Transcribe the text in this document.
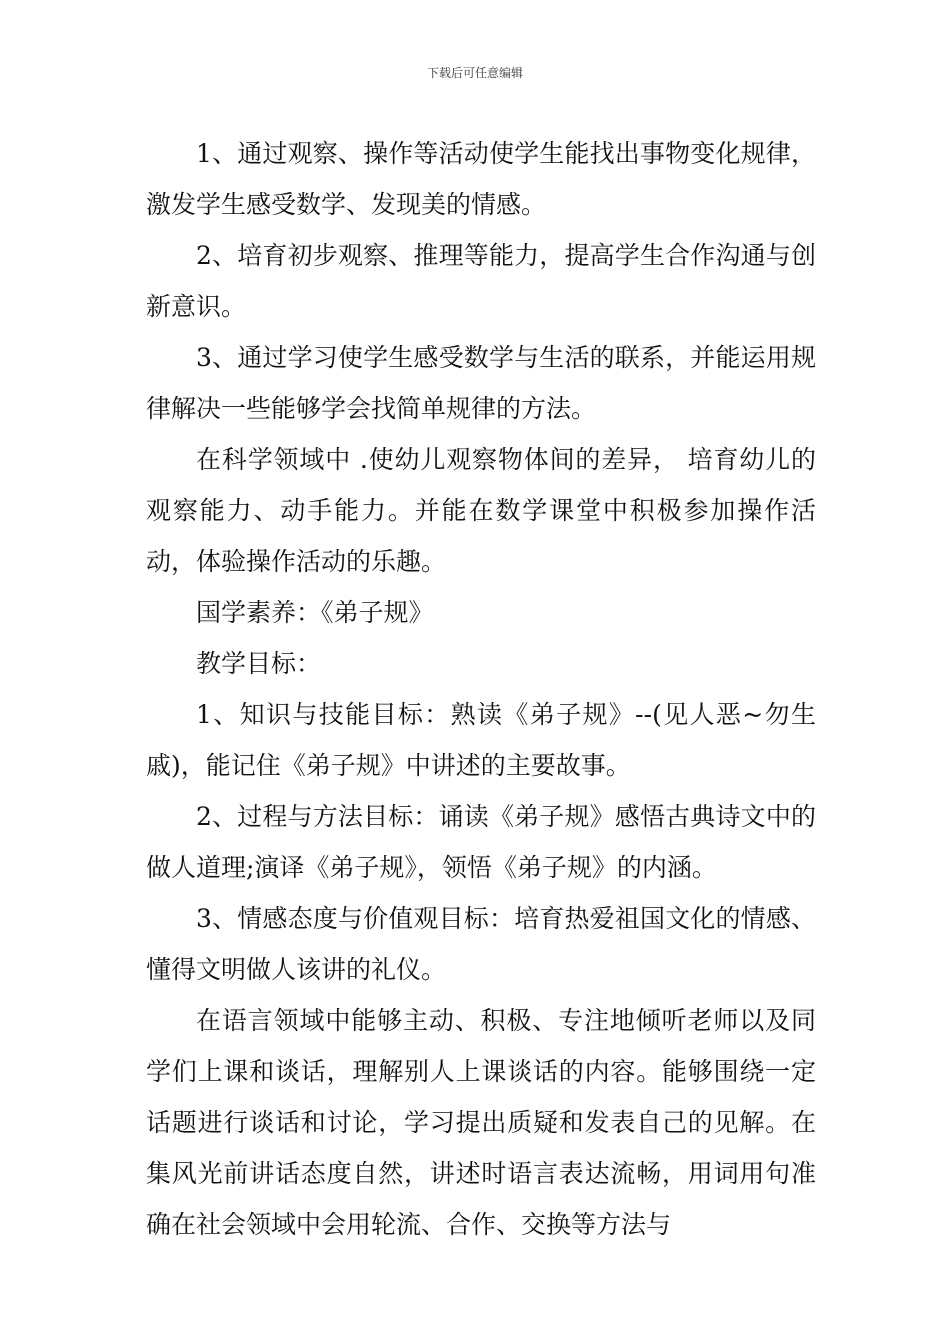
下载后可任意编辑

1、通过观察、操作等活动使学生能找出事物变化规律，激发学生感受数学、发现美的情感。

2、培育初步观察、推理等能力，提高学生合作沟通与创新意识。

3、通过学习使学生感受数学与生活的联系，并能运用规律解决一些能够学会找简单规律的方法。

在科学领域中 .使幼儿观察物体间的差异， 培育幼儿的观察能力、动手能力。并能在数学课堂中积极参加操作活动，体验操作活动的乐趣。

国学素养：《弟子规》

教学目标：

1、知识与技能目标：熟读《弟子规》--(见人恶~勿生戚)，能记住《弟子规》中讲述的主要故事。

2、过程与方法目标：诵读《弟子规》感悟古典诗文中的做人道理;演译《弟子规》，领悟《弟子规》的内涵。

3、情感态度与价值观目标：培育热爱祖国文化的情感、懂得文明做人该讲的礼仪。

在语言领域中能够主动、积极、专注地倾听老师以及同学们上课和谈话，理解别人上课谈话的内容。能够围绕一定话题进行谈话和讨论，学习提出质疑和发表自己的见解。在集风光前讲话态度自然，讲述时语言表达流畅，用词用句准确在社会领域中会用轮流、合作、交换等方法与
